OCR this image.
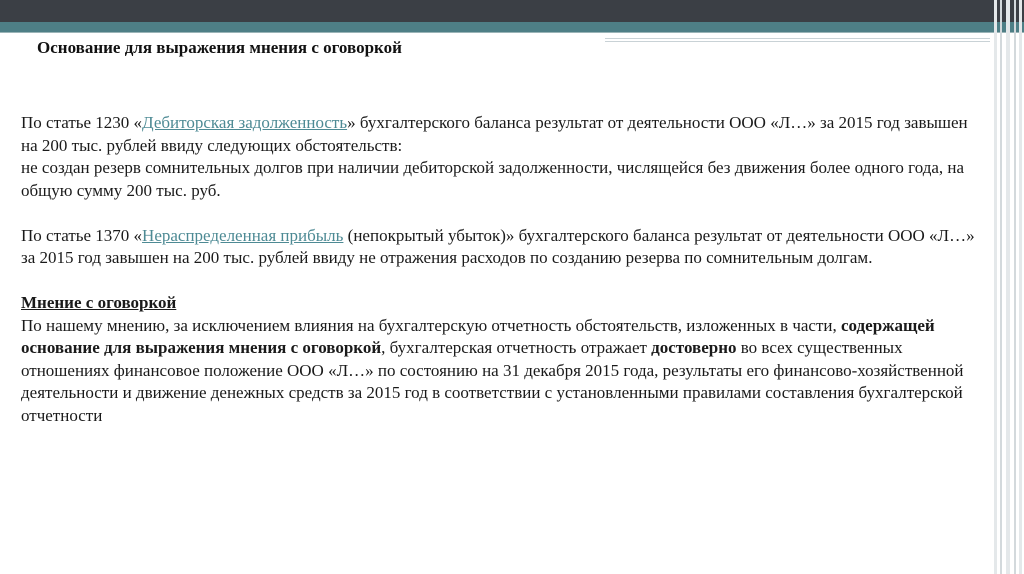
Основание для выражения мнения с оговоркой

По статье 1230 «Дебиторская задолженность» бухгалтерского баланса результат от деятельности ООО «Л…» за 2015 год завышен на 200 тыс. рублей ввиду следующих обстоятельств:

не создан резерв сомнительных долгов при наличии дебиторской задолженности, числящейся без движения более одного года, на общую сумму 200 тыс. руб.

По статье 1370 «Нераспределенная прибыль (непокрытый убыток)» бухгалтерского баланса результат от деятельности ООО «Л…» за 2015 год завышен на 200 тыс. рублей ввиду не отражения расходов по созданию резерва по сомнительным долгам.

Мнение с оговоркой

По нашему мнению, за исключением влияния на бухгалтерскую отчетность обстоятельств, изложенных в части, содержащей основание для выражения мнения с оговоркой, бухгалтерская отчетность отражает достоверно во всех существенных отношениях финансовое положение ООО «Л…» по состоянию на 31 декабря 2015 года, результаты его финансово-хозяйственной деятельности и движение денежных средств за 2015 год в соответствии с установленными правилами составления бухгалтерской отчетности
